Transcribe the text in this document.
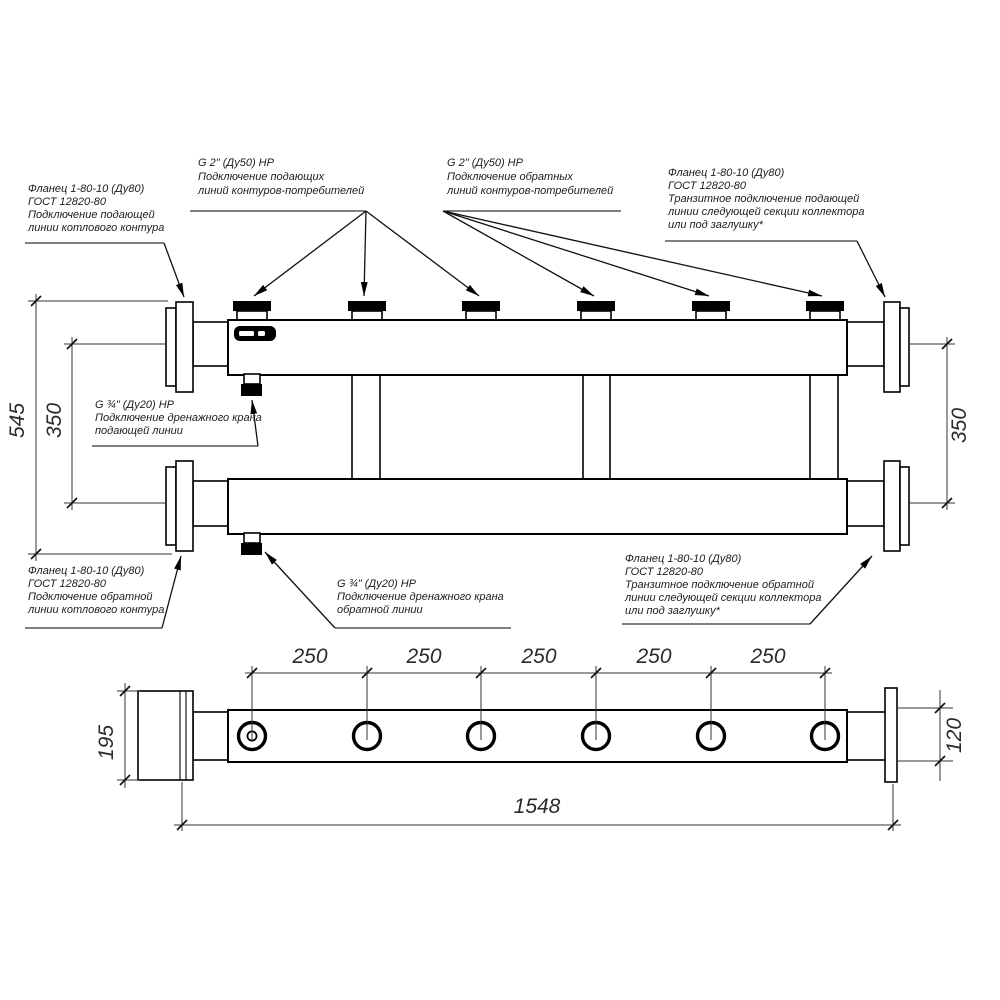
545 350	350
250	250	250	250	250
1548
195	120
Фланец 1-80-10 (Ду80)
ГОСТ 12820-80
Подключение подающей
линии котлового контура
G 2" (Ду50) НР
Подключение подающих
линий контуров-потребителей
G 2" (Ду50) НР
Подключение обратных
линий контуров-потребителей
Фланец 1-80-10 (Ду80)
ГОСТ 12820-80
Транзитное подключение подающей
линии следующей секции коллектора
или под заглушку*
G ¾" (Ду20) НР
Подключение дренажного крана
подающей линии
Фланец 1-80-10 (Ду80)
ГОСТ 12820-80
Подключение обратной
линии котлового контура
G ¾" (Ду20) НР
Подключение дренажного крана
обратной линии
Фланец 1-80-10 (Ду80)
ГОСТ 12820-80
Транзитное подключение обратной
линии следующей секции коллектора
или под заглушку*
